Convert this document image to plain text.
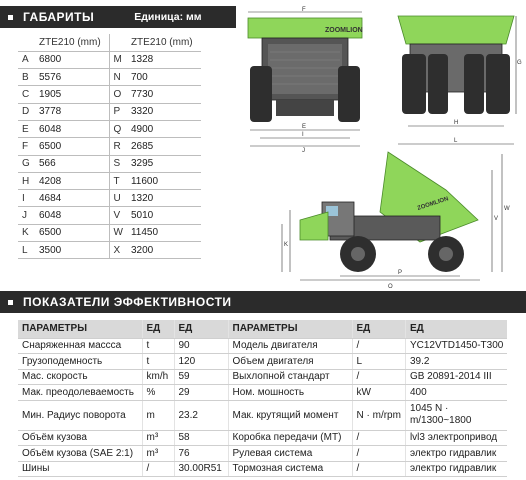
ГАБАРИТЫ	Единица: мм
	ZTE210 (mm)		ZTE210 (mm)
A	6800	M	1328
B	5576	N	700
C	1905	O	7730
D	3778	P	3320
E	6048	Q	4900
F	6500	R	2685
G	566	S	3295
H	4208	T	11600
I	4684	U	1320
J	6048	V	5010
K	6500	W	11450
L	3500	X	3200
ZOOMLION
F
E
I
J
G
H
L
ZOOMLION	W
V
K
O
P
ПОКАЗАТЕЛИ ЭФФЕКТИВНОСТИ
ПАРАМЕТРЫ	ЕД	ЕД	ПАРАМЕТРЫ	ЕД	ЕД
Снаряженная массса	t	90	Модель двигателя	/	YC12VTD1450-T300
Грузоподемность	t	120	Объем двигателя	L	39.2
Мас. скорость	km/h	59	Выхлопной стандарт	/	GB 20891-2014 III
Мак. преодолеваемость	%	29	Ном. мошность	kW	400
Мин. Радиус поворота	m	23.2	Мак. крутящий момент	N · m/rpm	1045 N · m/1300~1800
Объём кузова	m³	58	Коробка передачи (MT)	/	lvl3 электропривод
Объём кузова (SAE 2:1)	m³	76	Рулевая система	/	электро гидравлик
Шины	/	30.00R51	Тормозная система	/	электро гидравлик
